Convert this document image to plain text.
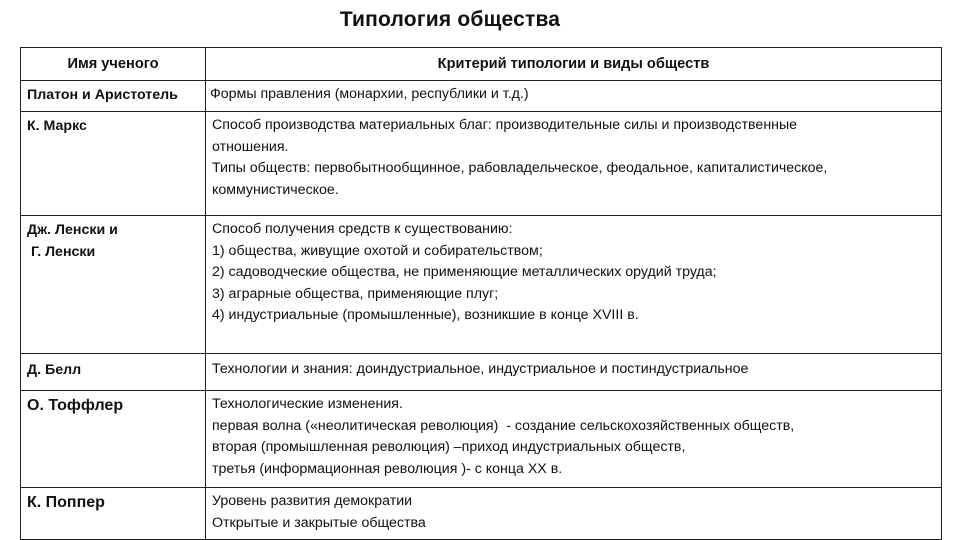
Типология общества
Имя ученого	Критерий типологии и виды обществ

Платон и Аристотель	Формы правления (монархии, республики и т.д.)

К. Маркс	Способ производства материальных благ: производительные силы и производственные
отношения.
Типы обществ: первобытнообщинное, рабовладельческое, феодальное, капиталистическое,
коммунистическое.

Дж. Ленски и
Г. Ленски	Способ получения средств к существованию:
1) общества, живущие охотой и собирательством;
2) садоводческие общества, не применяющие металлических орудий труда;
3) аграрные общества, применяющие плуг;
4) индустриальные (промышленные), возникшие в конце XVIII в.

Д. Белл	Технологии и знания: доиндустриальное, индустриальное и постиндустриальное

О. Тоффлер	Технологические изменения.
первая волна («неолитическая революция)  - создание сельскохозяйственных обществ,
вторая (промышленная революция) –приход индустриальных обществ,
третья (информационная революция )- с конца XX в.

К. Поппер	Уровень развития демократии
Открытые и закрытые общества
